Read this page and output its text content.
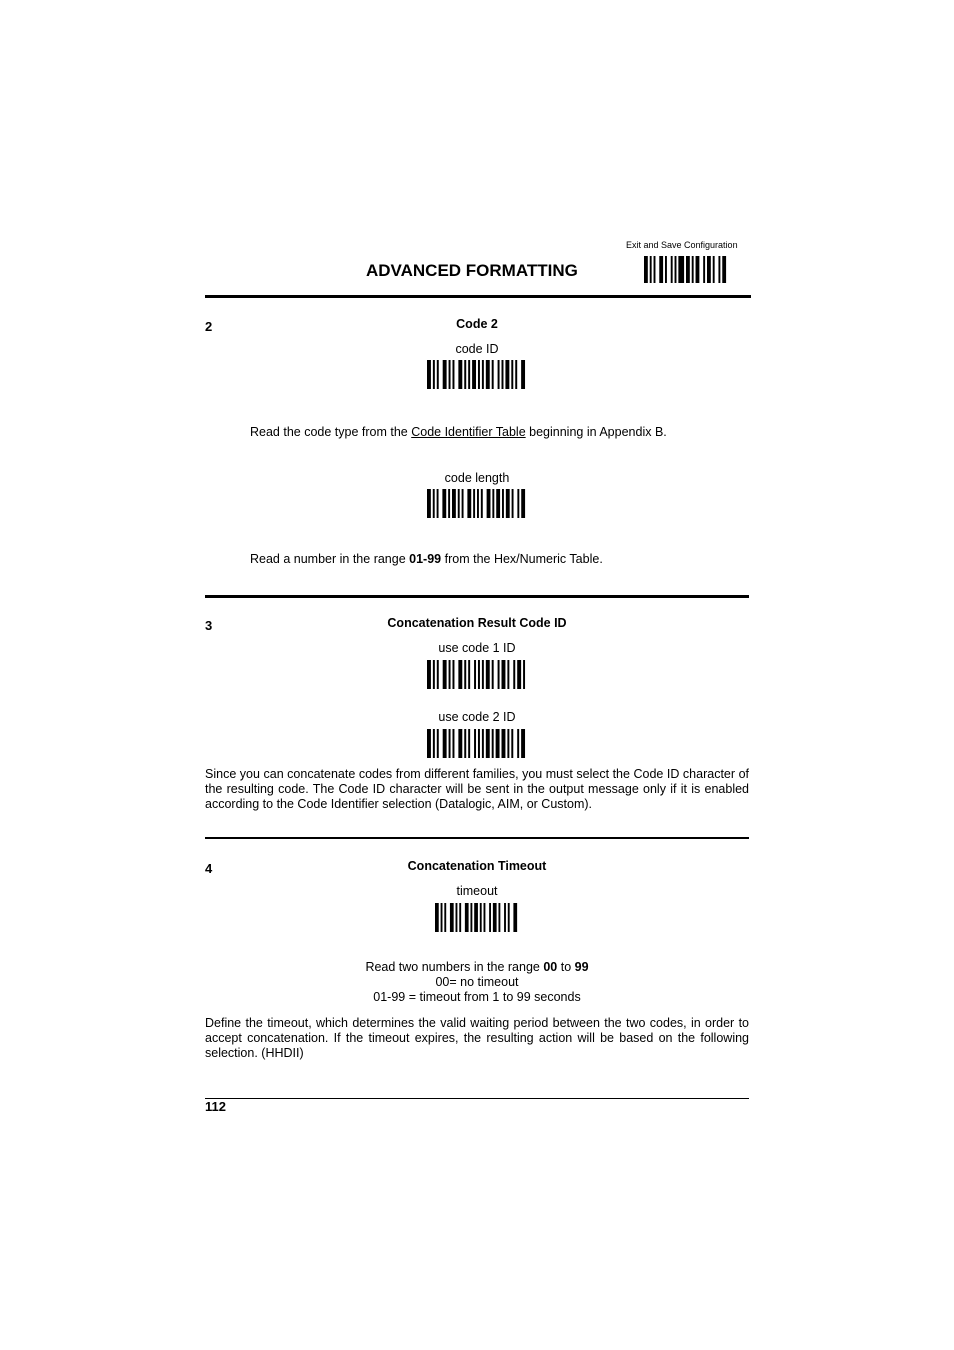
Exit and Save Configuration
ADVANCED FORMATTING
2	Code 2
code ID
Read the code type from the Code Identifier Table beginning in Appendix B.
code length
Read a number in the range 01-99 from the Hex/Numeric Table.
3	Concatenation Result Code ID
use code 1 ID
use code 2 ID
Since you can concatenate codes from different families, you must select the Code ID character of the resulting code. The Code ID character will be sent in the output message only if it is enabled according to the Code Identifier selection (Datalogic, AIM, or Custom).
4	Concatenation Timeout
timeout
Read two numbers in the range 00 to 99
00= no timeout
01-99 = timeout from 1 to 99 seconds
Define the timeout, which determines the valid waiting period between the two codes, in order to accept concatenation. If the timeout expires, the resulting action will be based on the following selection. (HHDII)
112
